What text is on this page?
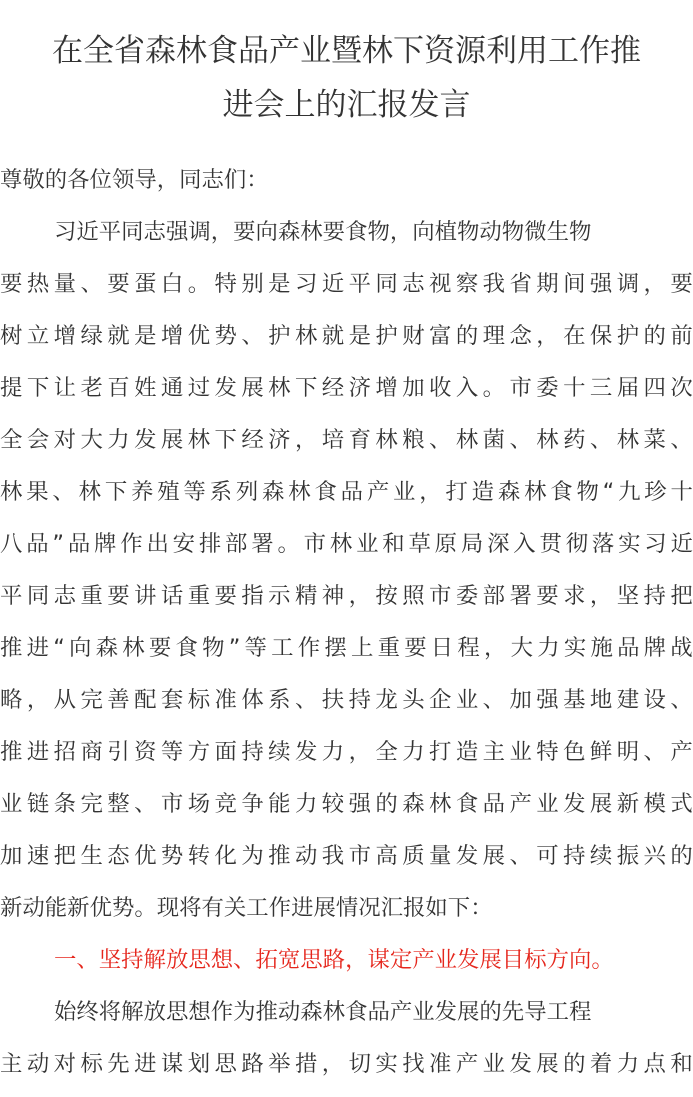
在全省森林食品产业暨林下资源利用工作推
进会上的汇报发言
尊敬的各位领导，同志们：
习近平同志强调，要向森林要食物，向植物动物微生物
要 热 量 、 要 蛋 白 。 特 别 是 习 近 平 同 志 视 察 我 省 期 间 强 调 ， 要
树 立 增 绿 就 是 增 优 势 、 护 林 就 是 护 财 富 的 理 念 ， 在 保 护 的 前
提 下 让 老 百 姓 通 过 发 展 林 下 经 济 增 加 收 入 。 市 委 十 三 届 四 次
全 会 对 大 力 发 展 林 下 经 济 ， 培 育 林 粮 、 林 菌 、 林 药 、 林 菜 、
林 果 、 林 下 养 殖 等 系 列 森 林 食 品 产 业 ， 打 造 森 林 食 物 “ 九 珍 十
八 品 ” 品 牌 作 出 安 排 部 署 。 市 林 业 和 草 原 局 深 入 贯 彻 落 实 习 近
平 同 志 重 要 讲 话 重 要 指 示 精 神 ， 按 照 市 委 部 署 要 求 ， 坚 持 把
推 进 “ 向 森 林 要 食 物 ” 等 工 作 摆 上 重 要 日 程 ， 大 力 实 施 品 牌 战
略 ， 从 完 善 配 套 标 准 体 系 、 扶 持 龙 头 企 业 、 加 强 基 地 建 设 、
推 进 招 商 引 资 等 方 面 持 续 发 力 ， 全 力 打 造 主 业 特 色 鲜 明 、 产
业 链 条 完 整 、 市 场 竞 争 能 力 较 强 的 森 林 食 品 产 业 发 展 新 模 式
加 速 把 生 态 优 势 转 化 为 推 动 我 市 高 质 量 发 展 、 可 持 续 振 兴 的
新动能新优势。现将有关工作进展情况汇报如下：
一、坚持解放思想、拓宽思路，谋定产业发展目标方向。
始终将解放思想作为推动森林食品产业发展的先导工程
主 动 对 标 先 进 谋 划 思 路 举 措 ， 切 实 找 准 产 业 发 展 的 着 力 点 和
